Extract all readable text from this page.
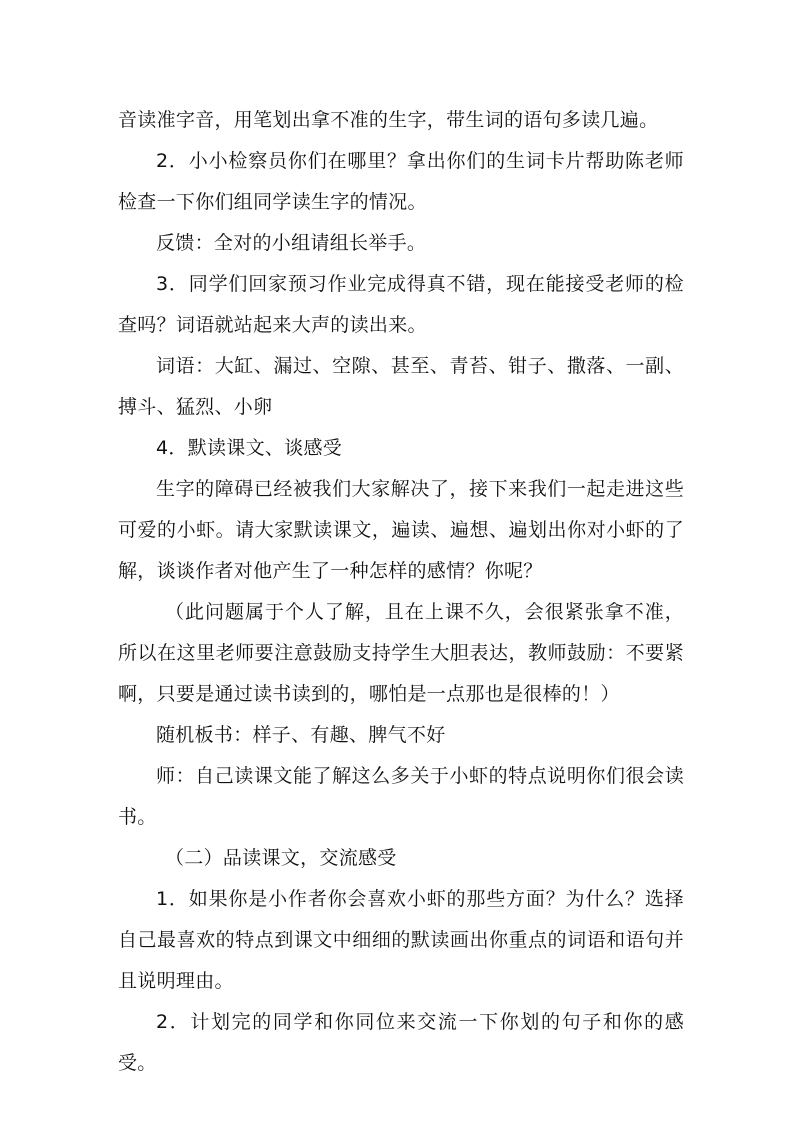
音读准字音，用笔划出拿不准的生字，带生词的语句多读几遍。

2．小小检察员你们在哪里？拿出你们的生词卡片帮助陈老师检查一下你们组同学读生字的情况。

反馈：全对的小组请组长举手。

3．同学们回家预习作业完成得真不错，现在能接受老师的检查吗？词语就站起来大声的读出来。

词语：大缸、漏过、空隙、甚至、青苔、钳子、撒落、一副、搏斗、猛烈、小卵

4．默读课文、谈感受

生字的障碍已经被我们大家解决了，接下来我们一起走进这些可爱的小虾。请大家默读课文，遍读、遍想、遍划出你对小虾的了解，谈谈作者对他产生了一种怎样的感情？你呢？

（此问题属于个人了解，且在上课不久，会很紧张拿不准，所以在这里老师要注意鼓励支持学生大胆表达，教师鼓励：不要紧啊，只要是通过读书读到的，哪怕是一点那也是很棒的！）

随机板书：样子、有趣、脾气不好

师：自己读课文能了解这么多关于小虾的特点说明你们很会读书。

（二）品读课文，交流感受

1．如果你是小作者你会喜欢小虾的那些方面？为什么？选择自己最喜欢的特点到课文中细细的默读画出你重点的词语和语句并且说明理由。

2．计划完的同学和你同位来交流一下你划的句子和你的感受。
